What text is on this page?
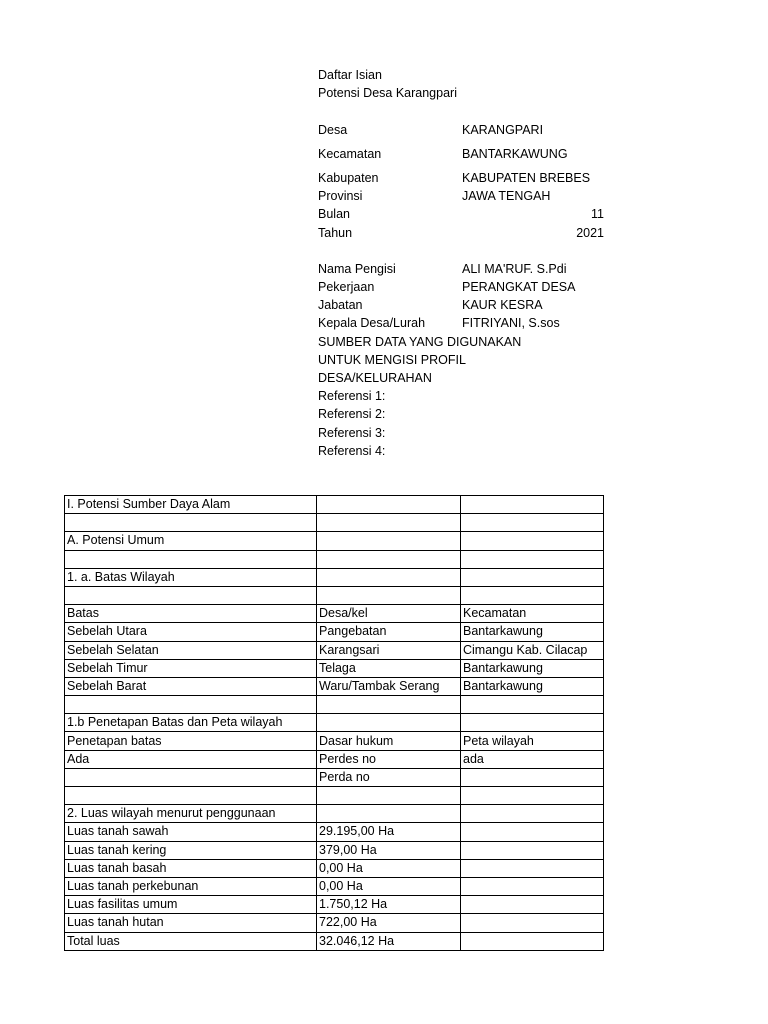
Daftar Isian
Potensi Desa Karangpari
Desa	KARANGPARI
Kecamatan	BANTARKAWUNG
Kabupaten	KABUPATEN BREBES
Provinsi	JAWA TENGAH
Bulan	11
Tahun	2021
Nama Pengisi	ALI MA'RUF. S.Pdi
Pekerjaan	PERANGKAT DESA
Jabatan	KAUR KESRA
Kepala Desa/Lurah	FITRIYANI, S.sos
SUMBER DATA YANG DIGUNAKAN
UNTUK MENGISI PROFIL
DESA/KELURAHAN
Referensi 1:
Referensi 2:
Referensi 3:
Referensi 4:
I. Potensi Sumber Daya Alam		

A. Potensi Umum		

1. a. Batas Wilayah		

Batas	Desa/kel	Kecamatan
Sebelah Utara	Pangebatan	Bantarkawung
Sebelah Selatan	Karangsari	Cimangu Kab. Cilacap
Sebelah Timur	Telaga	Bantarkawung
Sebelah Barat	Waru/Tambak Serang	Bantarkawung

1.b Penetapan Batas dan Peta wilayah		
Penetapan batas	Dasar hukum	Peta wilayah
Ada	Perdes no	ada
	Perda no	

2. Luas wilayah menurut penggunaan		
Luas tanah sawah	29.195,00 Ha	
Luas tanah kering	379,00 Ha	
Luas tanah basah	0,00 Ha	
Luas tanah perkebunan	0,00 Ha	
Luas fasilitas umum	1.750,12 Ha	
Luas tanah hutan	722,00 Ha	
Total luas	32.046,12 Ha	
